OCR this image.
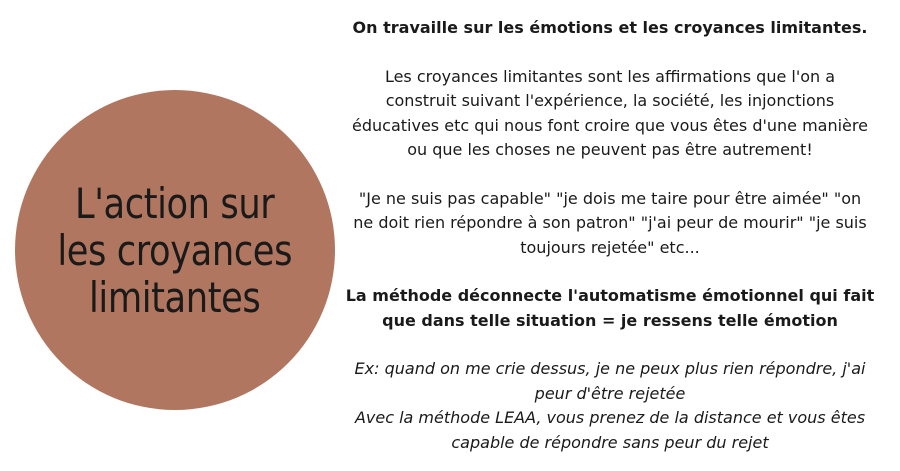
L'action sur
les croyances
limitantes

On travaille sur les émotions et les croyances limitantes.

Les croyances limitantes sont les affirmations que l'on a
construit suivant l'expérience, la société, les injonctions
éducatives etc qui nous font croire que vous êtes d'une manière
ou que les choses ne peuvent pas être autrement!

"Je ne suis pas capable" "je dois me taire pour être aimée" "on
ne doit rien répondre à son patron" "j'ai peur de mourir" "je suis
toujours rejetée" etc...

La méthode déconnecte l'automatisme émotionnel qui fait
que dans telle situation = je ressens telle émotion

Ex: quand on me crie dessus, je ne peux plus rien répondre, j'ai
peur d'être rejetée
Avec la méthode LEAA, vous prenez de la distance et vous êtes
capable de répondre sans peur du rejet
